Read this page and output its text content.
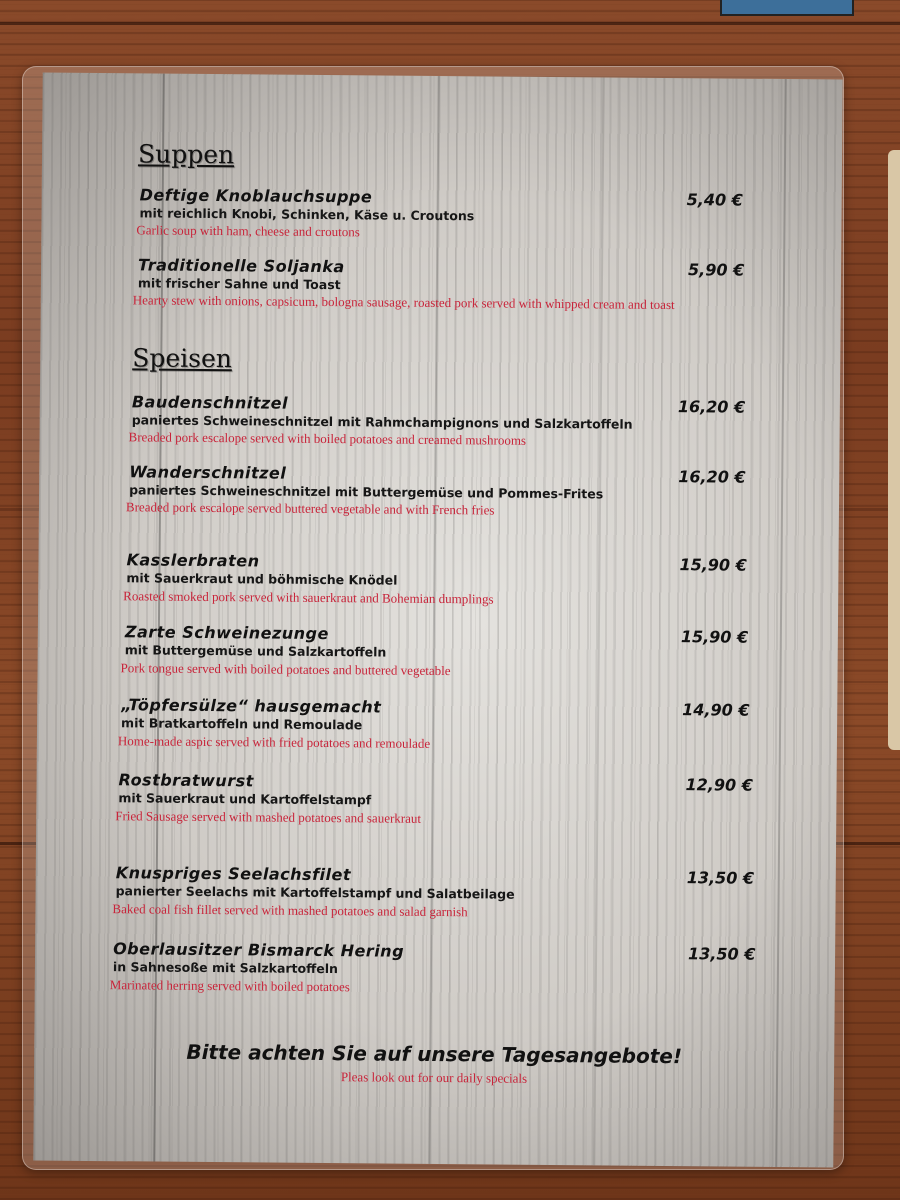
Suppen
Deftige Knoblauchsuppe	5,40 €
mit reichlich Knobi, Schinken, Käse u. Croutons
Garlic soup with ham, cheese and croutons
Traditionelle Soljanka	5,90 €
mit frischer Sahne und Toast
Hearty stew with onions, capsicum, bologna sausage, roasted pork served with whipped cream and toast
Speisen
Baudenschnitzel	16,20 €
paniertes Schweineschnitzel mit Rahmchampignons und Salzkartoffeln
Breaded pork escalope served with boiled potatoes and creamed mushrooms
Wanderschnitzel	16,20 €
paniertes Schweineschnitzel mit Buttergemüse und Pommes-Frites
Breaded pork escalope served buttered vegetable and with French fries
Kasslerbraten	15,90 €
mit Sauerkraut und böhmische Knödel
Roasted smoked pork served with sauerkraut and Bohemian dumplings
Zarte Schweinezunge	15,90 €
mit Buttergemüse und Salzkartoffeln
Pork tongue served with boiled potatoes and buttered vegetable
„Töpfersülze“ hausgemacht	14,90 €
mit Bratkartoffeln und Remoulade
Home-made aspic served with fried potatoes and remoulade
Rostbratwurst	12,90 €
mit Sauerkraut und Kartoffelstampf
Fried Sausage served with mashed potatoes and sauerkraut
Knuspriges Seelachsfilet	13,50 €
panierter Seelachs mit Kartoffelstampf und Salatbeilage
Baked coal fish fillet served with mashed potatoes and salad garnish
Oberlausitzer Bismarck Hering	13,50 €
in Sahnesoße mit Salzkartoffeln
Marinated herring served with boiled potatoes
Bitte achten Sie auf unsere Tagesangebote!
Pleas look out for our daily specials
